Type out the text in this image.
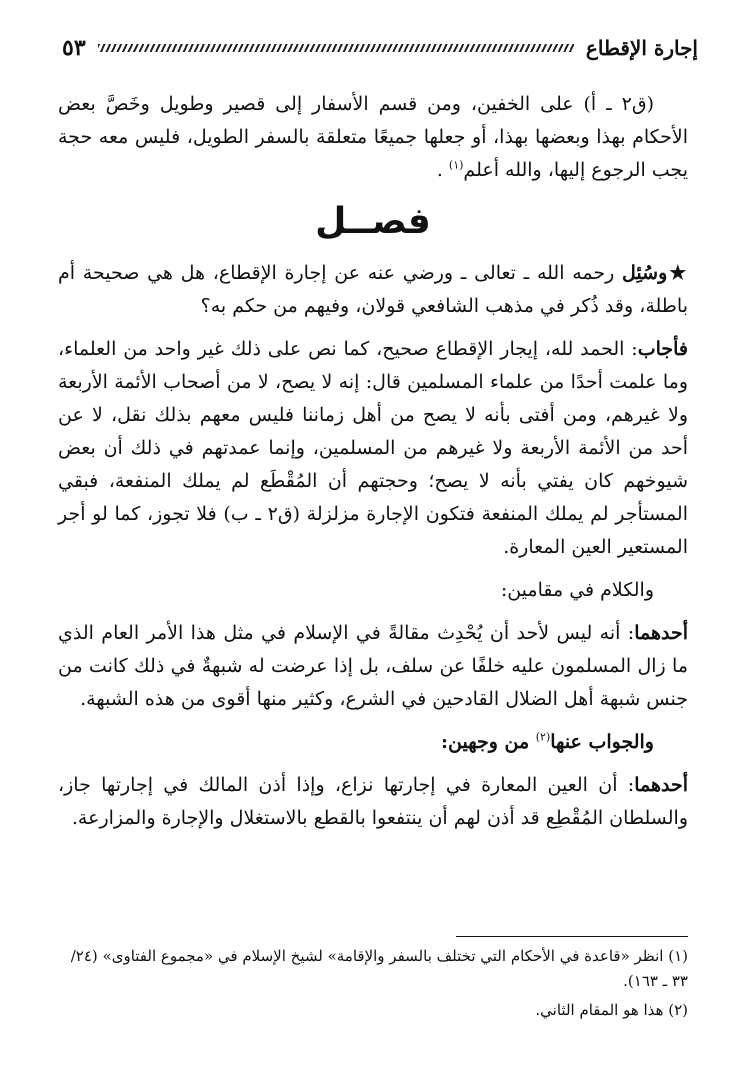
إجارة الإقطاع
٥٣

(ق٢ ـ أ) على الخفين، ومن قسم الأسفار إلى قصير وطويل وخَصَّ بعض الأحكام بهذا وبعضها بهذا، أو جعلها جميعًا متعلقة بالسفر الطويل، فليس معه حجة يجب الرجوع إليها، والله أعلم$^{(١)}$ .

فصــل

★وسُئِل رحمه الله ـ تعالى ـ ورضي عنه عن إجارة الإقطاع، هل هي صحيحة أم باطلة، وقد ذُكر في مذهب الشافعي قولان، وفيهم من حكم به؟

فأجاب: الحمد لله، إيجار الإقطاع صحيح، كما نص على ذلك غير واحد من العلماء، وما علمت أحدًا من علماء المسلمين قال: إنه لا يصح، لا من أصحاب الأئمة الأربعة ولا غيرهم، ومن أفتى بأنه لا يصح من أهل زماننا فليس معهم بذلك نقل، لا عن أحد من الأئمة الأربعة ولا غيرهم من المسلمين، وإنما عمدتهم في ذلك أن بعض شيوخهم كان يفتي بأنه لا يصح؛ وحجتهم أن المُقْطَع لم يملك المنفعة، فبقي المستأجر لم يملك المنفعة فتكون الإجارة مزلزلة (ق٢ ـ ب) فلا تجوز، كما لو أجر المستعير العين المعارة.

والكلام في مقامين:

أحدهما: أنه ليس لأحد أن يُحْدِث مقالةً في الإسلام في مثل هذا الأمر العام الذي ما زال المسلمون عليه خلفًا عن سلف، بل إذا عرضت له شبهةٌ في ذلك كانت من جنس شبهة أهل الضلال القادحين في الشرع، وكثير منها أقوى من هذه الشبهة.

والجواب عنها$^{(٢)}$ من وجهين:

أحدهما: أن العين المعارة في إجارتها نزاع، وإذا أذن المالك في إجارتها جاز، والسلطان المُقْطِع قد أذن لهم أن ينتفعوا بالقطع بالاستغلال والإجارة والمزارعة.

(١) انظر «قاعدة في الأحكام التي تختلف بالسفر والإقامة» لشيخ الإسلام في «مجموع الفتاوى» (٢٤/ ٣٣ ـ ١٦٣).

(٢) هذا هو المقام الثاني.
